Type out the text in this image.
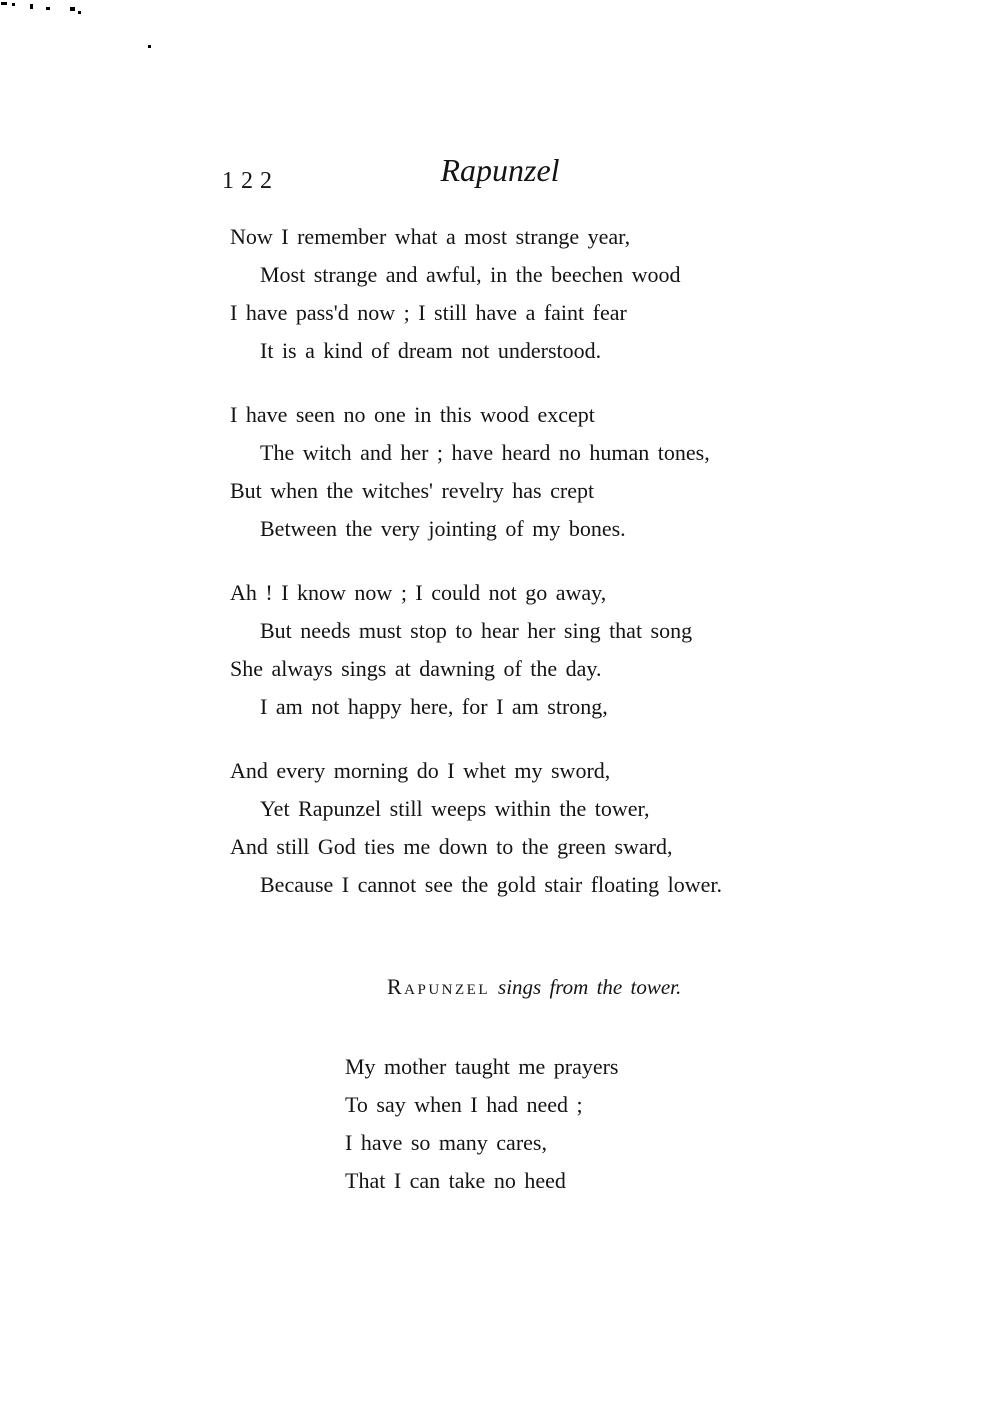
122	Rapunzel
Now I remember what a most strange year,
Most strange and awful, in the beechen wood
I have pass'd now ; I still have a faint fear
It is a kind of dream not understood.
I have seen no one in this wood except
The witch and her ; have heard no human tones,
But when the witches' revelry has crept
Between the very jointing of my bones.
Ah ! I know now ; I could not go away,
But needs must stop to hear her sing that song
She always sings at dawning of the day.
I am not happy here, for I am strong,
And every morning do I whet my sword,
Yet Rapunzel still weeps within the tower,
And still God ties me down to the green sward,
Because I cannot see the gold stair floating lower.

Rapunzel sings from the tower.

My mother taught me prayers
To say when I had need ;
I have so many cares,
That I can take no heed
